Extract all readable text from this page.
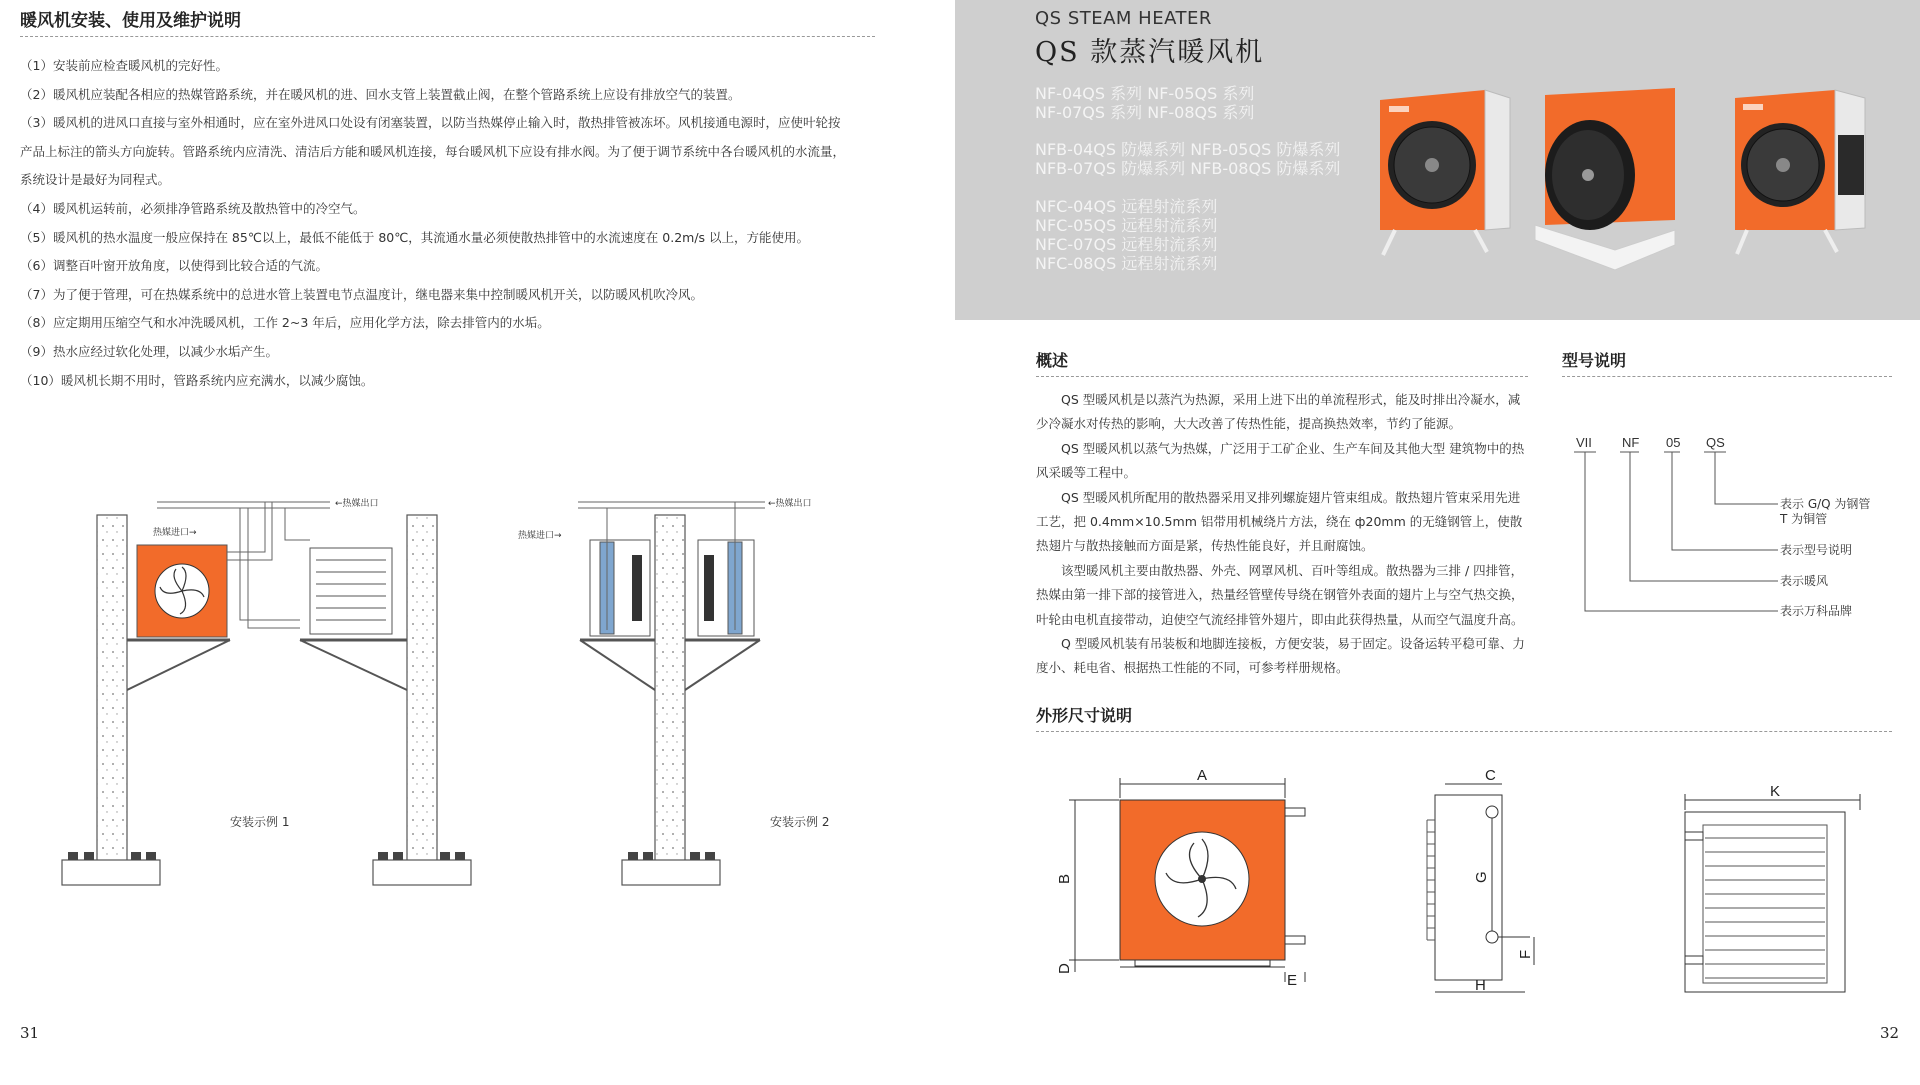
暖风机安装、使用及维护说明
（1）安装前应检查暖风机的完好性。
（2）暖风机应装配各相应的热媒管路系统，并在暖风机的进、回水支管上装置截止阀，在整个管路系统上应设有排放空气的装置。
（3）暖风机的进风口直接与室外相通时，应在室外进风口处设有闭塞装置，以防当热媒停止输入时，散热排管被冻坏。风机接通电源时，应使叶轮按
产品上标注的箭头方向旋转。管路系统内应清洗、清洁后方能和暖风机连接，每台暖风机下应设有排水阀。为了便于调节系统中各台暖风机的水流量，
系统设计是最好为同程式。
（4）暖风机运转前，必须排净管路系统及散热管中的冷空气。
（5）暖风机的热水温度一般应保持在 85℃以上，最低不能低于 80℃，其流通水量必须使散热排管中的水流速度在 0.2m/s 以上，方能使用。
（6）调整百叶窗开放角度，以使得到比较合适的气流。
（7）为了便于管理，可在热媒系统中的总进水管上装置电节点温度计，继电器来集中控制暖风机开关，以防暖风机吹冷风。
（8）应定期用压缩空气和水冲洗暖风机，工作 2~3 年后，应用化学方法，除去排管内的水垢。
（9）热水应经过软化处理，以减少水垢产生。
（10）暖风机长期不用时，管路系统内应充满水，以减少腐蚀。
←热媒出口
热媒进口→
安装示例 1
←热媒出口
热媒进口→
安装示例 2
31
QS STEAM HEATER
QS 款蒸汽暖风机
NF-04QS 系列 NF-05QS 系列
NF-07QS 系列 NF-08QS 系列
NFB-04QS 防爆系列 NFB-05QS 防爆系列
NFB-07QS 防爆系列 NFB-08QS 防爆系列
NFC-04QS 远程射流系列
NFC-05QS 远程射流系列
NFC-07QS 远程射流系列
NFC-08QS 远程射流系列
概述

QS 型暖风机是以蒸汽为热源，采用上进下出的单流程形式，能及时排出冷凝水，减少冷凝水对传热的影响，大大改善了传热性能，提高换热效率，节约了能源。

QS 型暖风机以蒸气为热媒，广泛用于工矿企业、生产车间及其他大型 建筑物中的热风采暖等工程中。

QS 型暖风机所配用的散热器采用叉排列螺旋翅片管束组成。散热翅片管束采用先进工艺，把 0.4mm×10.5mm 铝带用机械绕片方法，绕在 ф20mm 的无缝钢管上，使散热翅片与散热接触而方面是紧，传热性能良好，并且耐腐蚀。

该型暖风机主要由散热器、外壳、网罩风机、百叶等组成。散热器为三排 / 四排管，热媒由第一排下部的接管进入，热量经管壁传导绕在钢管外表面的翅片上与空气热交换，叶轮由电机直接带动，迫使空气流经排管外翅片，即由此获得热量，从而空气温度升高。

Q 型暖风机装有吊装板和地脚连接板，方便安装，易于固定。设备运转平稳可靠、力度小、耗电省、根据热工性能的不同，可参考样册规格。

型号说明
VII NF 05 QS
表示 G/Q 为钢管
T 为铜管
表示型号说明
表示暖风
表示万科品牌
外形尺寸说明
A
B
D
E
C
G
F
H
K
32
